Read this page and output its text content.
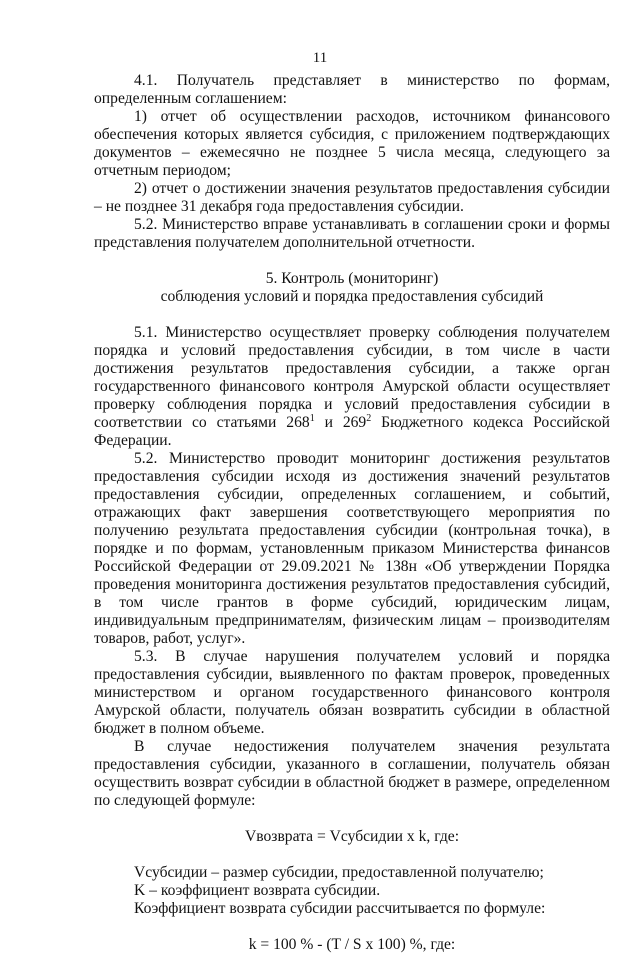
11

4.1. Получатель представляет в министерство по формам, определенным соглашением:

1) отчет об осуществлении расходов, источником финансового обеспечения которых является субсидия, с приложением подтверждающих документов – ежемесячно не позднее 5 числа месяца, следующего за отчетным периодом;

2) отчет о достижении значения результатов предоставления субсидии – не позднее 31 декабря года предоставления субсидии.

5.2. Министерство вправе устанавливать в соглашении сроки и формы представления получателем дополнительной отчетности.

5. Контроль (мониторинг)

соблюдения условий и порядка предоставления субсидий

5.1. Министерство осуществляет проверку соблюдения получателем порядка и условий предоставления субсидии, в том числе в части достижения результатов предоставления субсидии, а также орган государственного финансового контроля Амурской области осуществляет проверку соблюдения порядка и условий предоставления субсидии в соответствии со статьями $268^1$ и $269^2$ Бюджетного кодекса Российской Федерации.

5.2. Министерство проводит мониторинг достижения результатов предоставления субсидии исходя из достижения значений результатов предоставления субсидии, определенных соглашением, и событий, отражающих факт завершения соответствующего мероприятия по получению результата предоставления субсидии (контрольная точка), в порядке и по формам, установленным приказом Министерства финансов Российской Федерации от 29.09.2021 № 138н «Об утверждении Порядка проведения мониторинга достижения результатов предоставления субсидий, в том числе грантов в форме субсидий, юридическим лицам, индивидуальным предпринимателям, физическим лицам – производителям товаров, работ, услуг».

5.3. В случае нарушения получателем условий и порядка предоставления субсидии, выявленного по фактам проверок, проведенных министерством и органом государственного финансового контроля Амурской области, получатель обязан возвратить субсидии в областной бюджет в полном объеме.

В случае недостижения получателем значения результата предоставления субсидии, указанного в соглашении, получатель обязан осуществить возврат субсидии в областной бюджет в размере, определенном по следующей формуле:

Vвозврата = Vсубсидии x k, где:

Vсубсидии – размер субсидии, предоставленной получателю;

K – коэффициент возврата субсидии.

Коэффициент возврата субсидии рассчитывается по формуле:

k = 100 % - (T / S x 100) %, где:
